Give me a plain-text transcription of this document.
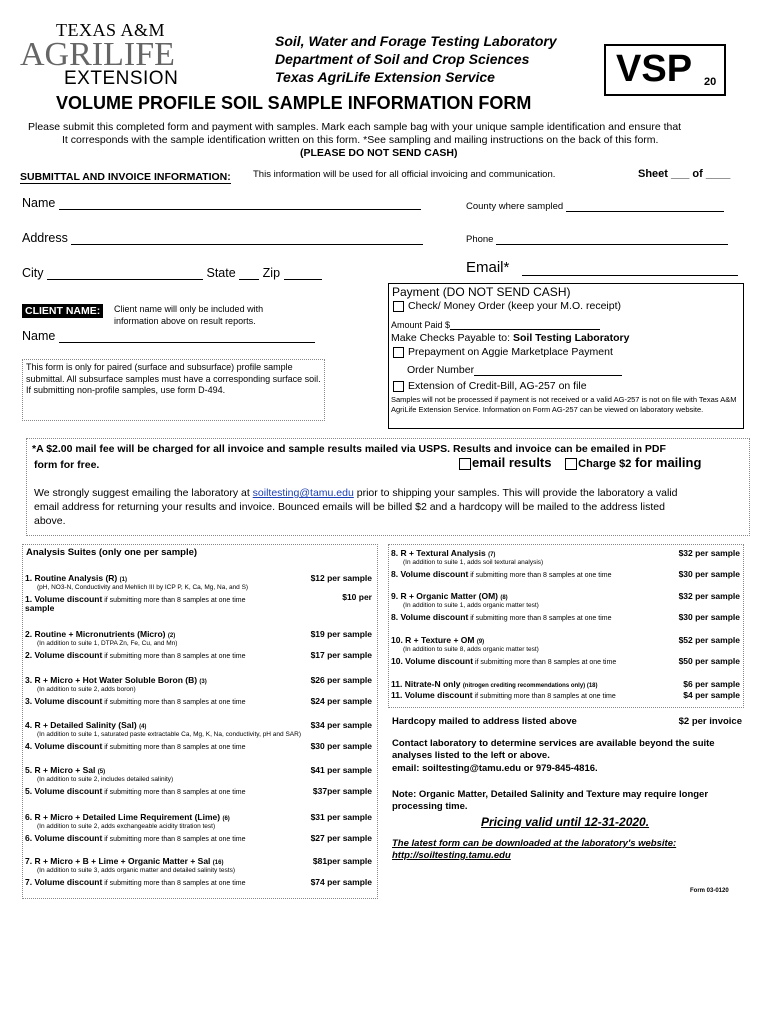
TEXAS A&M
AGRILIFE
EXTENSION
Soil, Water and Forage Testing Laboratory
Department of Soil and Crop Sciences
Texas AgriLife Extension Service	VSP 20
VOLUME PROFILE SOIL SAMPLE INFORMATION FORM
Please submit this completed form and payment with samples. Mark each sample bag with your unique sample identification and ensure that
It corresponds with the sample identification written on this form. *See sampling and mailing instructions on the back of this form.
(PLEASE DO NOT SEND CASH)
SUBMITTAL AND INVOICE INFORMATION: This information will be used for all official invoicing and communication.	Sheet ___ of ____
Name	County where sampled
Address	Phone
City	State Zip	Email*
CLIENT NAME:	Client name will only be included with information above on result reports.
Name
This form is only for paired (surface and subsurface) profile sample submittal. All subsurface samples must have a corresponding surface soil. If submitting non-profile samples, use form D-494.
Payment (DO NOT SEND CASH)
Check/ Money Order (keep your M.O. receipt)
Amount Paid $
Make Checks Payable to: Soil Testing Laboratory
Prepayment on Aggie Marketplace Payment
Order Number
Extension of Credit-Bill, AG-257 on file
Samples will not be processed if payment is not received or a valid AG-257 is not on file with Texas A&M AgriLife Extension Service. Information on Form AG-257 can be viewed on laboratory website.
*A $2.00 mail fee will be charged for all invoice and sample results mailed via USPS. Results and invoice can be emailed in PDF
form for free.	email results Charge $2 for mailing
We strongly suggest emailing the laboratory at soiltesting@tamu.edu prior to shipping your samples. This will provide the laboratory a valid
email address for returning your results and invoice. Bounced emails will be billed $2 and a hardcopy will be mailed to the address listed
above.
Analysis Suites (only one per sample)
1. Routine Analysis (R) (1)	$12 per sample
(pH, NO3-N, Conductivity and Mehlich III by ICP P, K, Ca, Mg, Na, and S)
1. Volume discount if submitting more than 8 samples at one time	$10 per
sample
2. Routine + Micronutrients (Micro) (2)	$19 per sample
(In addition to suite 1, DTPA Zn, Fe, Cu, and Mn)
2. Volume discount if submitting more than 8 samples at one time	$17 per sample
3. R + Micro + Hot Water Soluble Boron (B) (3)	$26 per sample
(In addition to suite 2, adds boron)
3. Volume discount if submitting more than 8 samples at one time	$24 per sample
4. R + Detailed Salinity (Sal) (4)	$34 per sample
(In addition to suite 1, saturated paste extractable Ca, Mg, K, Na, conductivity, pH and SAR)
4. Volume discount if submitting more than 8 samples at one time	$30 per sample
5. R + Micro + Sal (5)	$41 per sample
(In addition to suite 2, includes detailed salinity)
5. Volume discount if submitting more than 8 samples at one time	$37per sample
6. R + Micro + Detailed Lime Requirement (Lime) (6)	$31 per sample
(In addition to suite 2, adds exchangeable acidity titration test)
6. Volume discount if submitting more than 8 samples at one time	$27 per sample
7. R + Micro + B + Lime + Organic Matter + Sal (16)	$81per sample
(In addition to suite 3, adds organic matter and detailed salinity tests)
7. Volume discount if submitting more than 8 samples at one time	$74 per sample
8. R + Textural Analysis (7)	$32 per sample
(In addition to suite 1, adds soil textural analysis)
8. Volume discount if submitting more than 8 samples at one time	$30 per sample
9. R + Organic Matter (OM) (8)	$32 per sample
(In addition to suite 1, adds organic matter test)
8. Volume discount if submitting more than 8 samples at one time	$30 per sample
10. R + Texture + OM (9)	$52 per sample
(In addition to suite 8, adds organic matter test)
10. Volume discount if submitting more than 8 samples at one time	$50 per sample
11. Nitrate-N only (nitrogen crediting recommendations only) (18)	$6 per sample
11. Volume discount if submitting more than 8 samples at one time	$4 per sample
Hardcopy mailed to address listed above	$2 per invoice
Contact laboratory to determine services are available beyond the suite
analyses listed to the left or above.
email: soiltesting@tamu.edu or 979-845-4816.
Note: Organic Matter, Detailed Salinity and Texture may require longer
processing time.
Pricing valid until 12-31-2020.
The latest form can be downloaded at the laboratory's website:
http://soiltesting.tamu.edu
Form 03-0120
